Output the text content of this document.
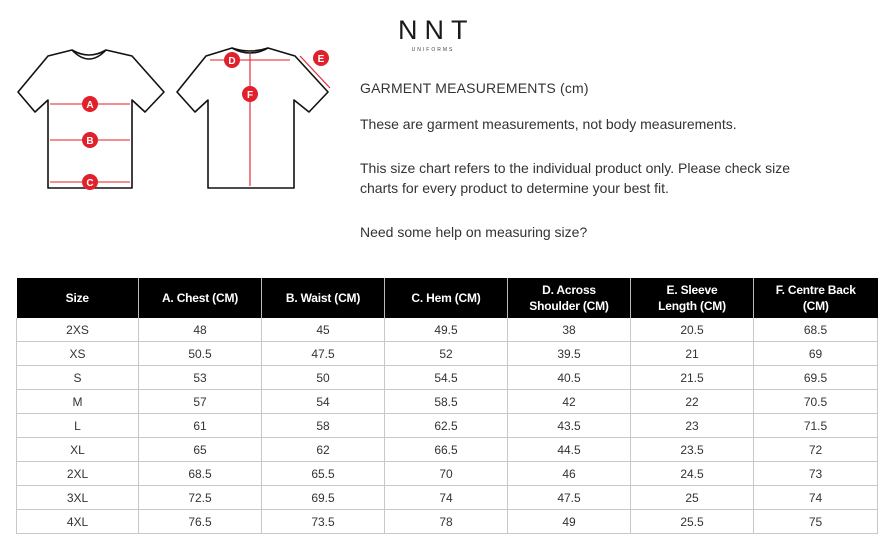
A
B
C
D	E
F
NNT
UNIFORMS

GARMENT MEASUREMENTS (cm)

These are garment measurements, not body measurements.

This size chart refers to the individual product only. Please check size

charts for every product to determine your best fit.

Need some help on measuring size?

Size	A. Chest (CM)	B. Waist (CM)	C. Hem (CM)	D. Across
Shoulder (CM)	E. Sleeve
Length (CM)	F. Centre Back
(CM)
2XS	48	45	49.5	38	20.5	68.5
XS	50.5	47.5	52	39.5	21	69
S	53	50	54.5	40.5	21.5	69.5
M	57	54	58.5	42	22	70.5
L	61	58	62.5	43.5	23	71.5
XL	65	62	66.5	44.5	23.5	72
2XL	68.5	65.5	70	46	24.5	73
3XL	72.5	69.5	74	47.5	25	74
4XL	76.5	73.5	78	49	25.5	75
